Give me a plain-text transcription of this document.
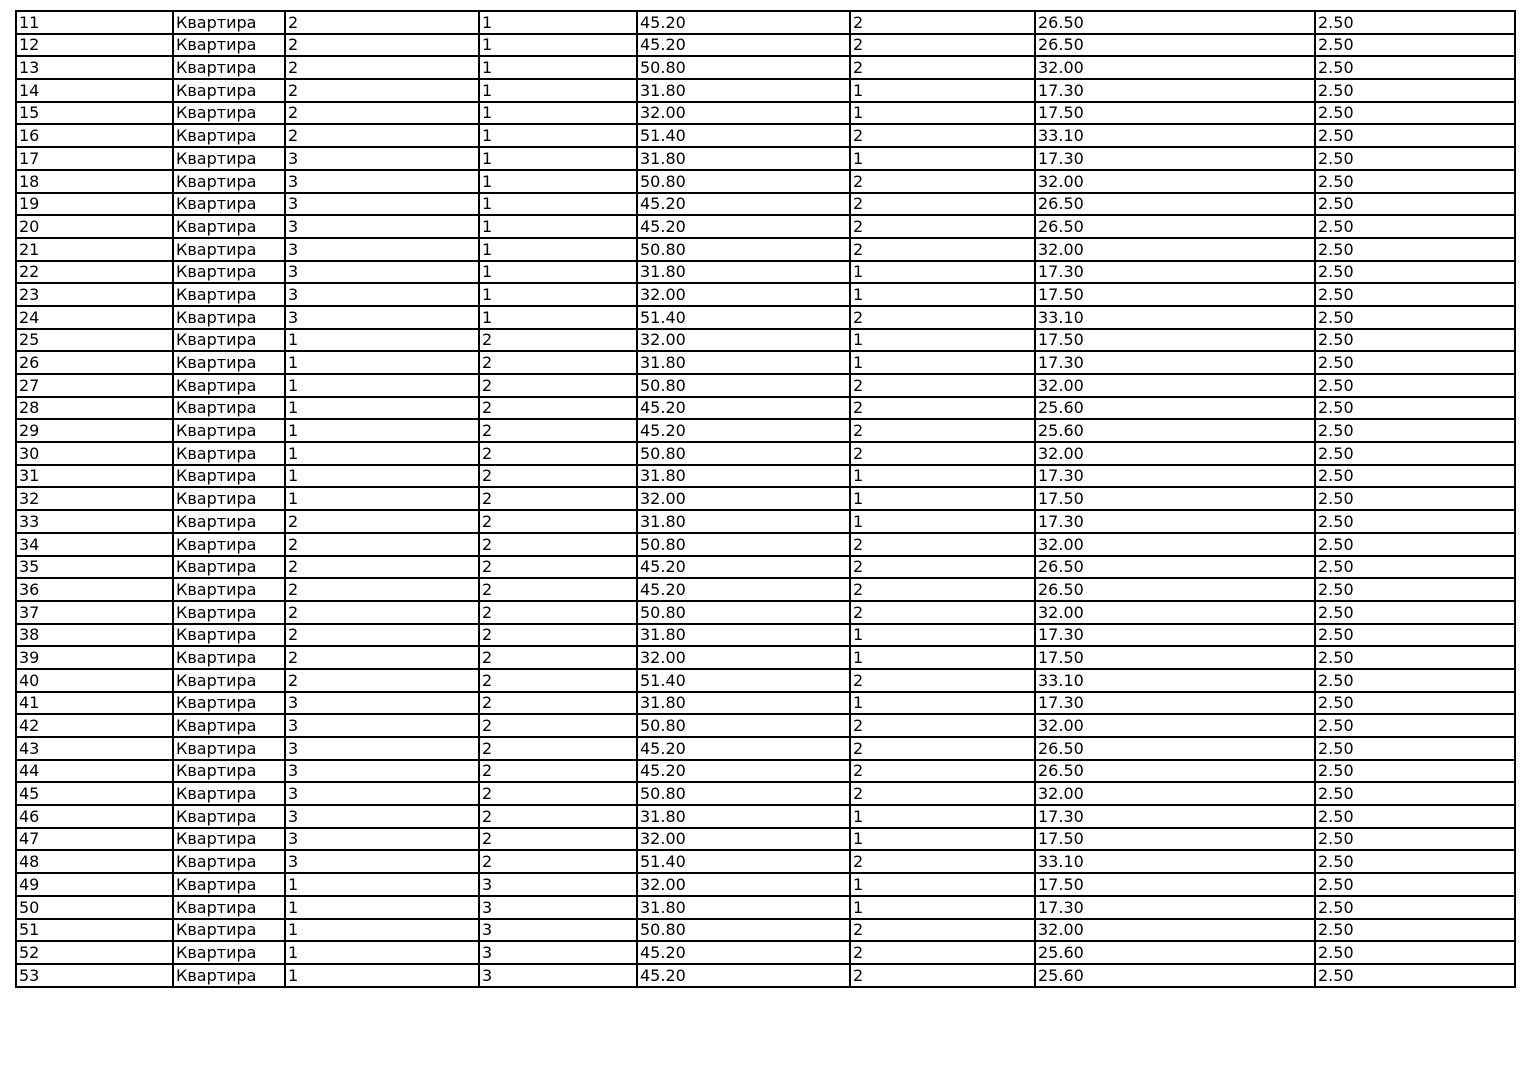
11	Квартира	2	1	45.20	2	26.50	2.50
12	Квартира	2	1	45.20	2	26.50	2.50
13	Квартира	2	1	50.80	2	32.00	2.50
14	Квартира	2	1	31.80	1	17.30	2.50
15	Квартира	2	1	32.00	1	17.50	2.50
16	Квартира	2	1	51.40	2	33.10	2.50
17	Квартира	3	1	31.80	1	17.30	2.50
18	Квартира	3	1	50.80	2	32.00	2.50
19	Квартира	3	1	45.20	2	26.50	2.50
20	Квартира	3	1	45.20	2	26.50	2.50
21	Квартира	3	1	50.80	2	32.00	2.50
22	Квартира	3	1	31.80	1	17.30	2.50
23	Квартира	3	1	32.00	1	17.50	2.50
24	Квартира	3	1	51.40	2	33.10	2.50
25	Квартира	1	2	32.00	1	17.50	2.50
26	Квартира	1	2	31.80	1	17.30	2.50
27	Квартира	1	2	50.80	2	32.00	2.50
28	Квартира	1	2	45.20	2	25.60	2.50
29	Квартира	1	2	45.20	2	25.60	2.50
30	Квартира	1	2	50.80	2	32.00	2.50
31	Квартира	1	2	31.80	1	17.30	2.50
32	Квартира	1	2	32.00	1	17.50	2.50
33	Квартира	2	2	31.80	1	17.30	2.50
34	Квартира	2	2	50.80	2	32.00	2.50
35	Квартира	2	2	45.20	2	26.50	2.50
36	Квартира	2	2	45.20	2	26.50	2.50
37	Квартира	2	2	50.80	2	32.00	2.50
38	Квартира	2	2	31.80	1	17.30	2.50
39	Квартира	2	2	32.00	1	17.50	2.50
40	Квартира	2	2	51.40	2	33.10	2.50
41	Квартира	3	2	31.80	1	17.30	2.50
42	Квартира	3	2	50.80	2	32.00	2.50
43	Квартира	3	2	45.20	2	26.50	2.50
44	Квартира	3	2	45.20	2	26.50	2.50
45	Квартира	3	2	50.80	2	32.00	2.50
46	Квартира	3	2	31.80	1	17.30	2.50
47	Квартира	3	2	32.00	1	17.50	2.50
48	Квартира	3	2	51.40	2	33.10	2.50
49	Квартира	1	3	32.00	1	17.50	2.50
50	Квартира	1	3	31.80	1	17.30	2.50
51	Квартира	1	3	50.80	2	32.00	2.50
52	Квартира	1	3	45.20	2	25.60	2.50
53	Квартира	1	3	45.20	2	25.60	2.50
